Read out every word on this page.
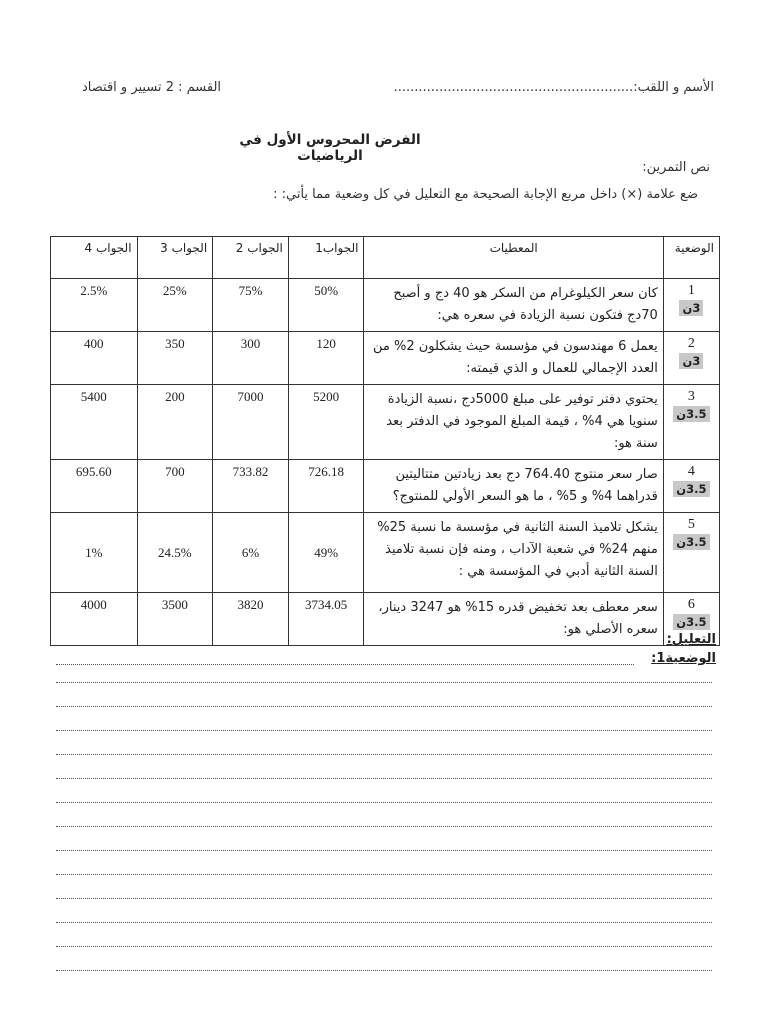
الأسم و اللقب:..........................................................
القسم : 2 تسيير و اقتصاد
الفرض المحروس الأول في الرياضيات
نص التمرين:
ضع علامة (×) داخل مربع الإجابة الصحيحة مع التعليل في كل وضعية مما يأتي: :
الوضعية	المعطيات	الجواب1	الجواب 2	الجواب 3	الجواب 4

1
3ن	كان سعر الكيلوغرام من السكر هو 40 دج و أصبح 70دج فتكون نسبة الزيادة في سعره هي:	50%	75%	25%	2.5%

2
3ن	يعمل 6 مهندسون في مؤسسة حيث يشكلون 2% من العدد الإجمالي للعمال و الذي قيمته:	120	300	350	400

3
3.5ن	يحتوي دفتر توفير على مبلغ 5000دج ،نسبة الزيادة سنويا هي 4% ، قيمة المبلغ الموجود في الدفتر بعد سنة هو:	5200	7000	200	5400

4
3.5ن	صار سعر منتوج 764.40 دج بعد زيادتين متتاليتين قدراهما 4% و 5% ، ما هو السعر الأولي للمنتوج؟	726.18	733.82	700	695.60

5
3.5ن	يشكل تلاميذ السنة الثانية في مؤسسة ما نسبة 25% منهم 24% في شعبة الآداب ، ومنه فإن نسبة تلاميذ السنة الثانية أدبي في المؤسسة هي :	49%	6%	24.5%	1%

6
3.5ن	سعر معطف بعد تخفيض قدره 15% هو 3247 دينار، سعره الأصلي هو:	3734.05	3820	3500	4000
التعليل:
الوضعية1:
